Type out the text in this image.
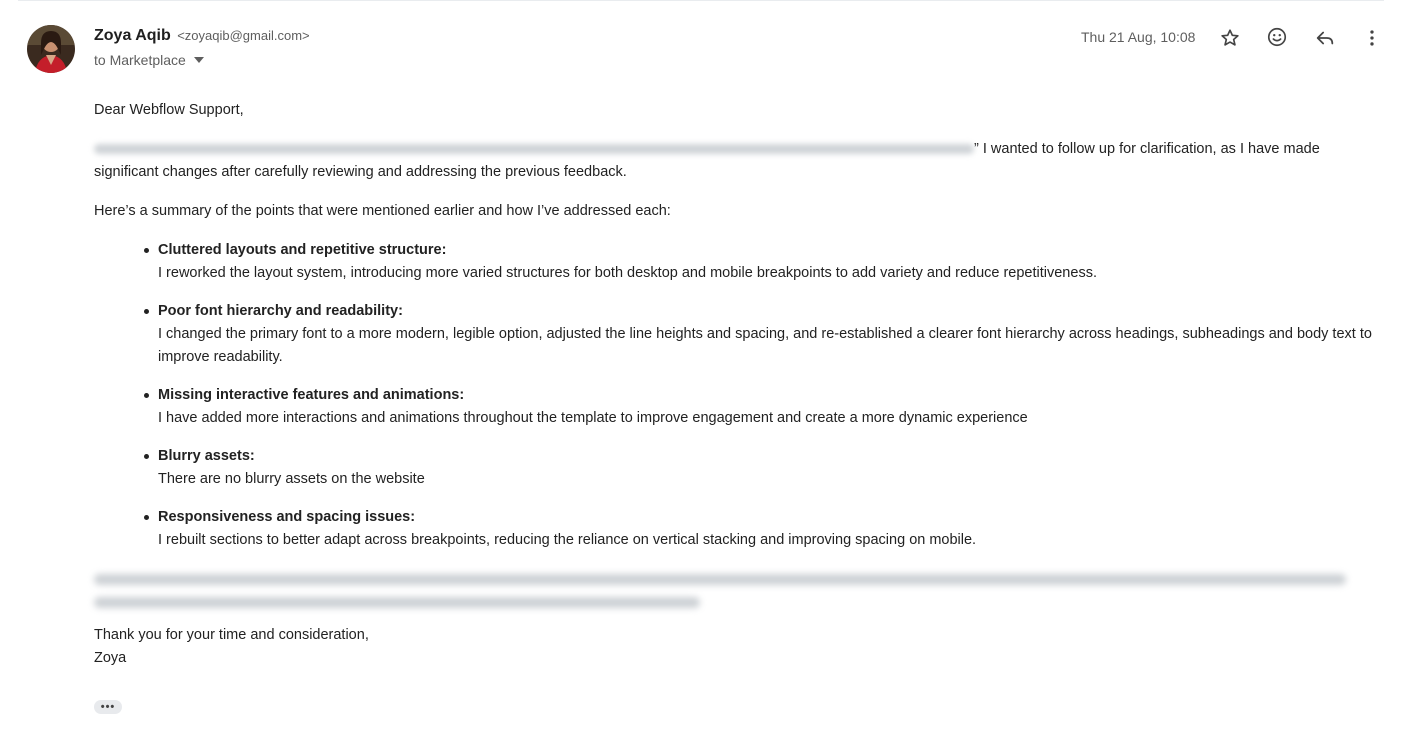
Zoya Aqib <zoyaqib@gmail.com>
to Marketplace
Thu 21 Aug, 10:08

Dear Webflow Support,

” I wanted to follow up for clarification, as I have made significant changes after carefully reviewing and addressing the previous feedback.

Here’s a summary of the points that were mentioned earlier and how I’ve addressed each:

Cluttered layouts and repetitive structure:
I reworked the layout system, introducing more varied structures for both desktop and mobile breakpoints to add variety and reduce repetitiveness.
Poor font hierarchy and readability:
I changed the primary font to a more modern, legible option, adjusted the line heights and spacing, and re-established a clearer font hierarchy across headings, subheadings and body text to improve readability.
Missing interactive features and animations:
I have added more interactions and animations throughout the template to improve engagement and create a more dynamic experience
Blurry assets:
There are no blurry assets on the website
Responsiveness and spacing issues:
I rebuilt sections to better adapt across breakpoints, reducing the reliance on vertical stacking and improving spacing on mobile.

Thank you for your time and consideration,

Zoya

•••
